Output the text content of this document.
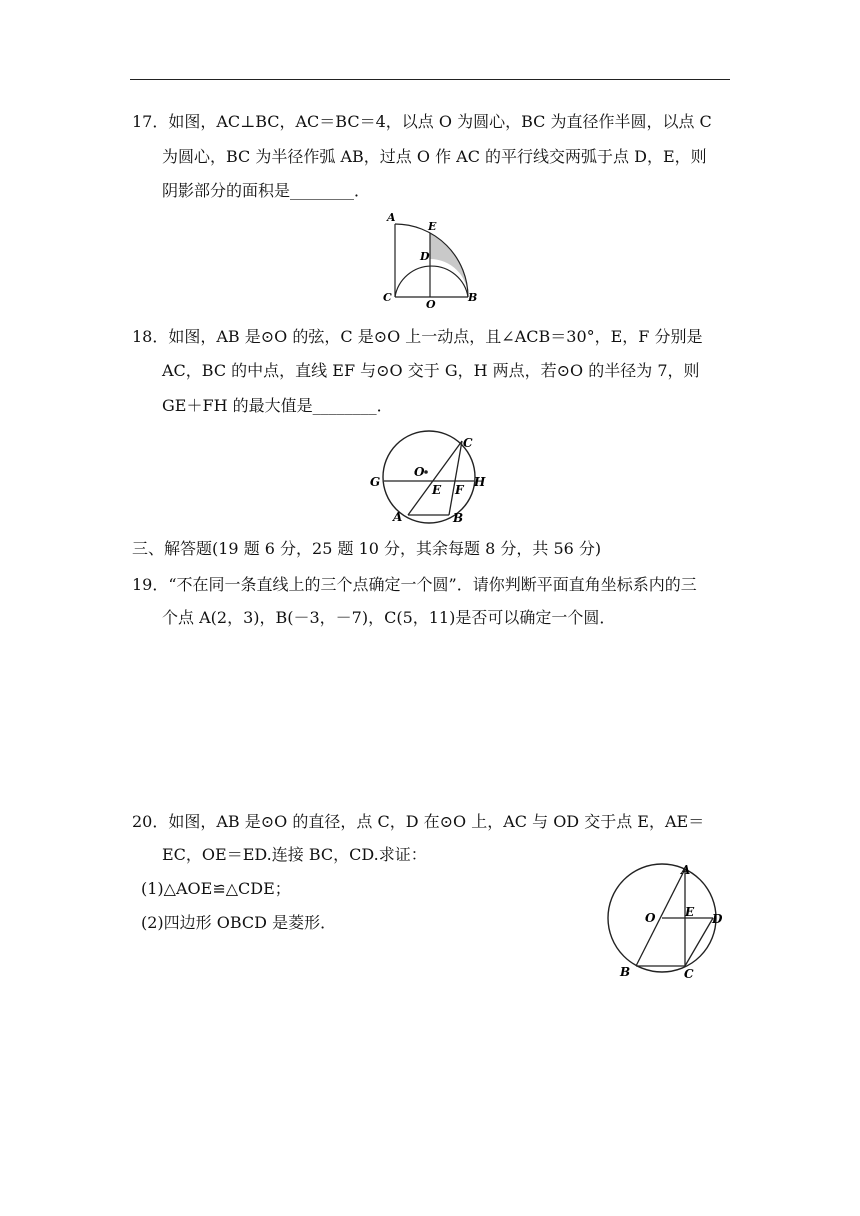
17．如图，AC⊥BC，AC＝BC＝4，以点 O 为圆心，BC 为直径作半圆，以点 C
为圆心，BC 为半径作弧 AB，过点 O 作 AC 的平行线交两弧于点 D，E，则
阴影部分的面积是________．
A
E
D
C
O
B
18．如图，AB 是⊙O 的弦，C 是⊙O 上一动点，且∠ACB＝30°，E，F 分别是
AC，BC 的中点，直线 EF 与⊙O 交于 G，H 两点，若⊙O 的半径为 7，则
GE＋FH 的最大值是________．
G
O
E F
H
C
A	B
三、解答题(19 题 6 分，25 题 10 分，其余每题 8 分，共 56 分)
19．“不在同一条直线上的三个点确定一个圆”．请你判断平面直角坐标系内的三
个点 A(2，3)，B(－3，－7)，C(5，11)是否可以确定一个圆．
20．如图，AB 是⊙O 的直径，点 C，D 在⊙O 上，AC 与 OD 交于点 E，AE＝
EC，OE＝ED.连接 BC，CD.求证：
(1)△AOE≌△CDE；
(2)四边形 OBCD 是菱形．
A
O E D
B	C
